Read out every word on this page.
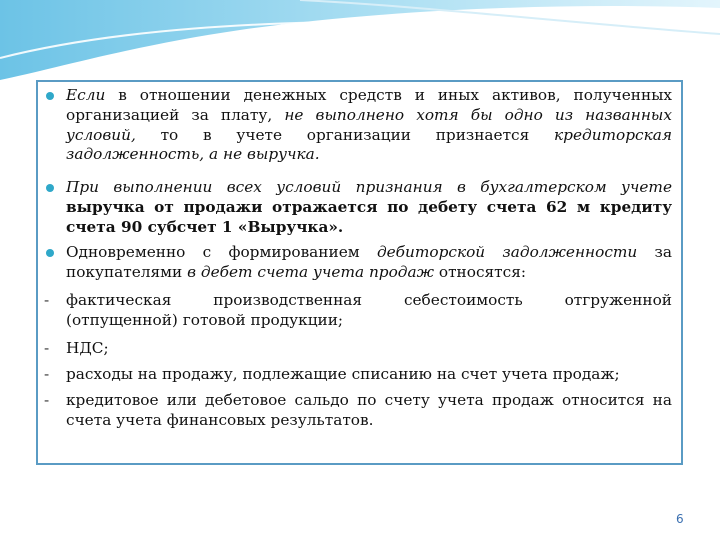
Если в отношении денежных средств и иных активов, полученных организацией за плату, не выполнено хотя бы одно из названных условий, то в учете организации признается кредиторская задолженность, а не выручка.
При выполнении всех условий признания в бухгалтерском учете выручка от продажи отражается по дебету счета 62 м кредиту счета 90 субсчет 1 «Выручка».
Одновременно с формированием дебиторской задолженности за покупателями в дебет счета учета продаж относятся:
- фактическая производственная себестоимость отгруженной (отпущенной) готовой продукции;
- НДС;
- расходы на продажу, подлежащие списанию на счет учета продаж;
- кредитовое или дебетовое сальдо по счету учета продаж относится на счета учета финансовых результатов.
6
